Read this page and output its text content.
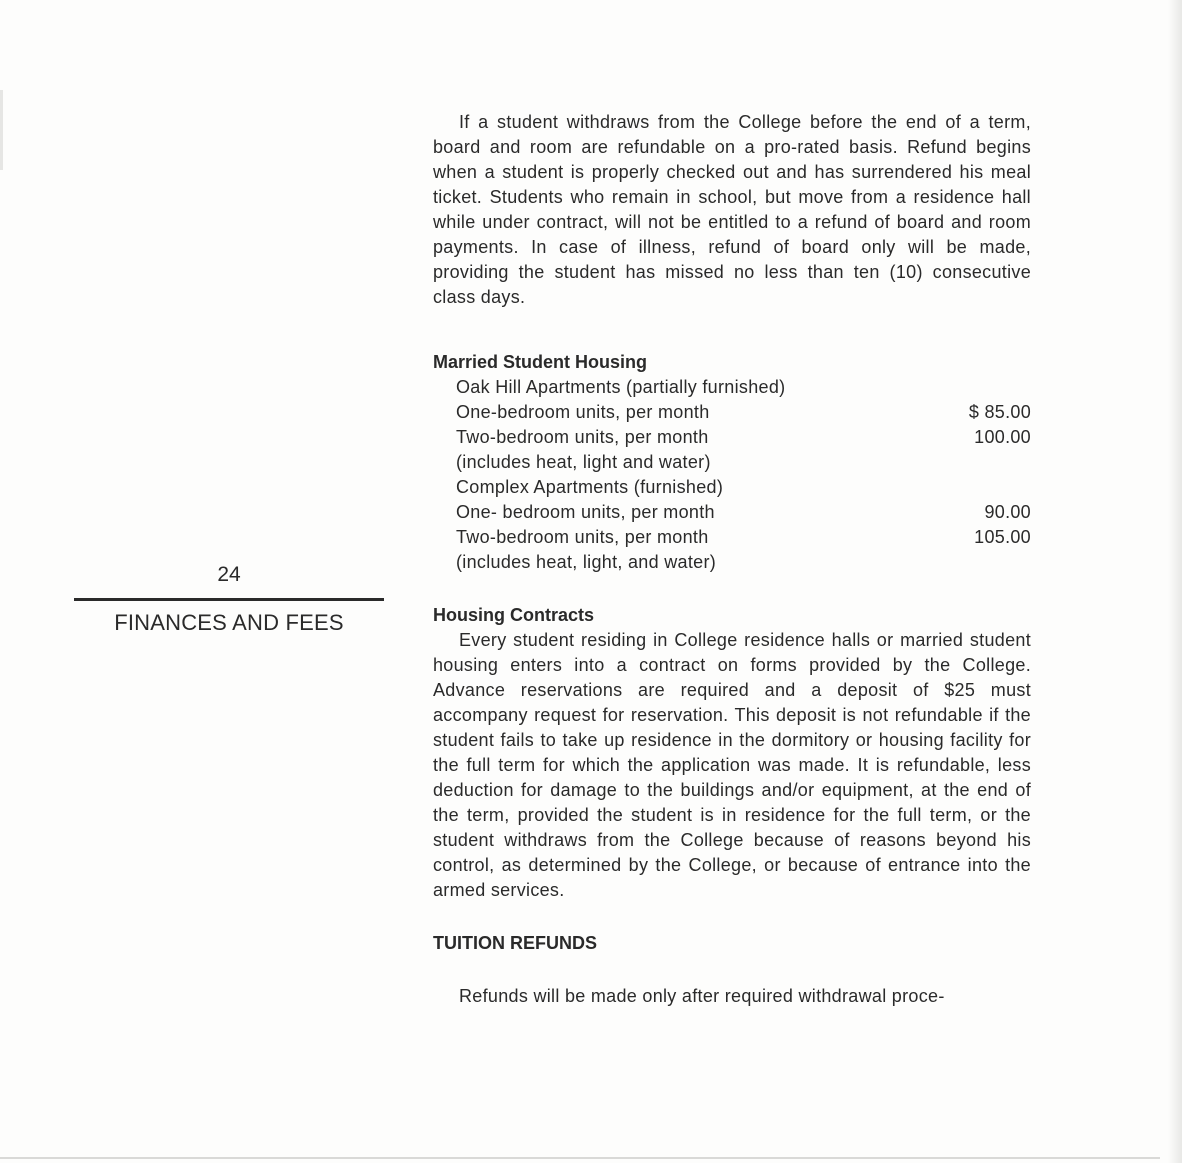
24
FINANCES AND FEES

If a student withdraws from the College before the end of a term, board and room are refundable on a pro-rated basis. Refund begins when a student is properly checked out and has surrendered his meal ticket. Students who remain in school, but move from a residence hall while under contract, will not be entitled to a refund of board and room payments. In case of illness, refund of board only will be made, providing the student has missed no less than ten (10) consecutive class days.

Married Student Housing

Oak Hill Apartments (partially furnished)
One-bedroom units, per month	$ 85.00
Two-bedroom units, per month	100.00
(includes heat, light and water)
Complex Apartments (furnished)
One- bedroom units, per month	90.00
Two-bedroom units, per month	105.00
(includes heat, light, and water)

Housing Contracts

Every student residing in College residence halls or married student housing enters into a contract on forms provided by the College. Advance reservations are required and a deposit of $25 must accompany request for reservation. This deposit is not refundable if the student fails to take up residence in the dormitory or housing facility for the full term for which the application was made. It is refundable, less deduction for damage to the buildings and/or equipment, at the end of the term, provided the student is in residence for the full term, or the student withdraws from the College because of reasons beyond his control, as determined by the College, or because of entrance into the armed services.

TUITION REFUNDS

Refunds will be made only after required withdrawal proce-
